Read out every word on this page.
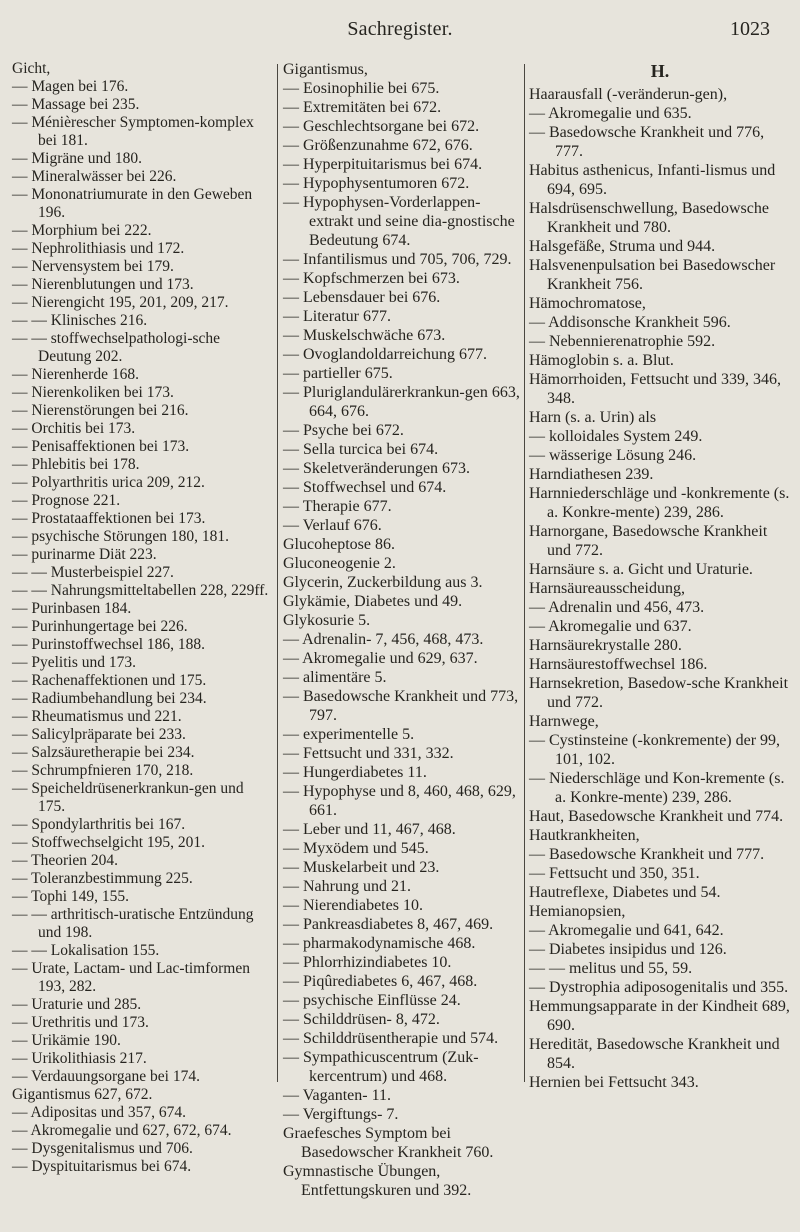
Sachregister.	1023

Gicht,

— Magen bei 176.

— Massage bei 235.

— Ménièrescher Symptomen-komplex bei 181.

— Migräne und 180.

— Mineralwässer bei 226.

— Mononatriumurate in den Geweben 196.

— Morphium bei 222.

— Nephrolithiasis und 172.

— Nervensystem bei 179.

— Nierenblutungen und 173.

— Nierengicht 195, 201, 209, 217.

— — Klinisches 216.

— — stoffwechselpathologi-sche Deutung 202.

— Nierenherde 168.

— Nierenkoliken bei 173.

— Nierenstörungen bei 216.

— Orchitis bei 173.

— Penisaffektionen bei 173.

— Phlebitis bei 178.

— Polyarthritis urica 209, 212.

— Prognose 221.

— Prostataaffektionen bei 173.

— psychische Störungen 180, 181.

— purinarme Diät 223.

— — Musterbeispiel 227.

— — Nahrungsmitteltabellen 228, 229ff.

— Purinbasen 184.

— Purinhungertage bei 226.

— Purinstoffwechsel 186, 188.

— Pyelitis und 173.

— Rachenaffektionen und 175.

— Radiumbehandlung bei 234.

— Rheumatismus und 221.

— Salicylpräparate bei 233.

— Salzsäuretherapie bei 234.

— Schrumpfnieren 170, 218.

— Speicheldrüsenerkrankun-gen und 175.

— Spondylarthritis bei 167.

— Stoffwechselgicht 195, 201.

— Theorien 204.

— Toleranzbestimmung 225.

— Tophi 149, 155.

— — arthritisch-uratische Entzündung und 198.

— — Lokalisation 155.

— Urate, Lactam- und Lac-timformen 193, 282.

— Uraturie und 285.

— Urethritis und 173.

— Urikämie 190.

— Urikolithiasis 217.

— Verdauungsorgane bei 174.

Gigantismus 627, 672.

— Adipositas und 357, 674.

— Akromegalie und 627, 672, 674.

— Dysgenitalismus und 706.

— Dyspituitarismus bei 674.

Gigantismus,

— Eosinophilie bei 675.

— Extremitäten bei 672.

— Geschlechtsorgane bei 672.

— Größenzunahme 672, 676.

— Hyperpituitarismus bei 674.

— Hypophysentumoren 672.

— Hypophysen-Vorderlappen-extrakt und seine dia-gnostische Bedeutung 674.

— Infantilismus und 705, 706, 729.

— Kopfschmerzen bei 673.

— Lebensdauer bei 676.

— Literatur 677.

— Muskelschwäche 673.

— Ovoglandoldarreichung 677.

— partieller 675.

— Pluriglandulärerkrankun-gen 663, 664, 676.

— Psyche bei 672.

— Sella turcica bei 674.

— Skeletveränderungen 673.

— Stoffwechsel und 674.

— Therapie 677.

— Verlauf 676.

Glucoheptose 86.

Gluconeogenie 2.

Glycerin, Zuckerbildung aus 3.

Glykämie, Diabetes und 49.

Glykosurie 5.

— Adrenalin- 7, 456, 468, 473.

— Akromegalie und 629, 637.

— alimentäre 5.

— Basedowsche Krankheit und 773, 797.

— experimentelle 5.

— Fettsucht und 331, 332.

— Hungerdiabetes 11.

— Hypophyse und 8, 460, 468, 629, 661.

— Leber und 11, 467, 468.

— Myxödem und 545.

— Muskelarbeit und 23.

— Nahrung und 21.

— Nierendiabetes 10.

— Pankreasdiabetes 8, 467, 469.

— pharmakodynamische 468.

— Phlorrhizindiabetes 10.

— Piqûrediabetes 6, 467, 468.

— psychische Einflüsse 24.

— Schilddrüsen- 8, 472.

— Schilddrüsentherapie und 574.

— Sympathicuscentrum (Zuk-kercentrum) und 468.

— Vaganten- 11.

— Vergiftungs- 7.

Graefesches Symptom bei Basedowscher Krankheit 760.

Gymnastische Übungen, Entfettungskuren und 392.

H.

Haarausfall (-veränderun-gen),

— Akromegalie und 635.

— Basedowsche Krankheit und 776, 777.

Habitus asthenicus, Infanti-lismus und 694, 695.

Halsdrüsenschwellung, Basedowsche Krankheit und 780.

Halsgefäße, Struma und 944.

Halsvenenpulsation bei Basedowscher Krankheit 756.

Hämochromatose,

— Addisonsche Krankheit 596.

— Nebennierenatrophie 592.

Hämoglobin s. a. Blut.

Hämorrhoiden, Fettsucht und 339, 346, 348.

Harn (s. a. Urin) als

— kolloidales System 249.

— wässerige Lösung 246.

Harndiathesen 239.

Harnniederschläge und -konkremente (s. a. Konkre-mente) 239, 286.

Harnorgane, Basedowsche Krankheit und 772.

Harnsäure s. a. Gicht und Uraturie.

Harnsäureausscheidung,

— Adrenalin und 456, 473.

— Akromegalie und 637.

Harnsäurekrystalle 280.

Harnsäurestoffwechsel 186.

Harnsekretion, Basedow-sche Krankheit und 772.

Harnwege,

— Cystinsteine (-konkremente) der 99, 101, 102.

— Niederschläge und Kon-kremente (s. a. Konkre-mente) 239, 286.

Haut, Basedowsche Krankheit und 774.

Hautkrankheiten,

— Basedowsche Krankheit und 777.

— Fettsucht und 350, 351.

Hautreflexe, Diabetes und 54.

Hemianopsien,

— Akromegalie und 641, 642.

— Diabetes insipidus und 126.

— — melitus und 55, 59.

— Dystrophia adiposogenitalis und 355.

Hemmungsapparate in der Kindheit 689, 690.

Heredität, Basedowsche Krankheit und 854.

Hernien bei Fettsucht 343.
